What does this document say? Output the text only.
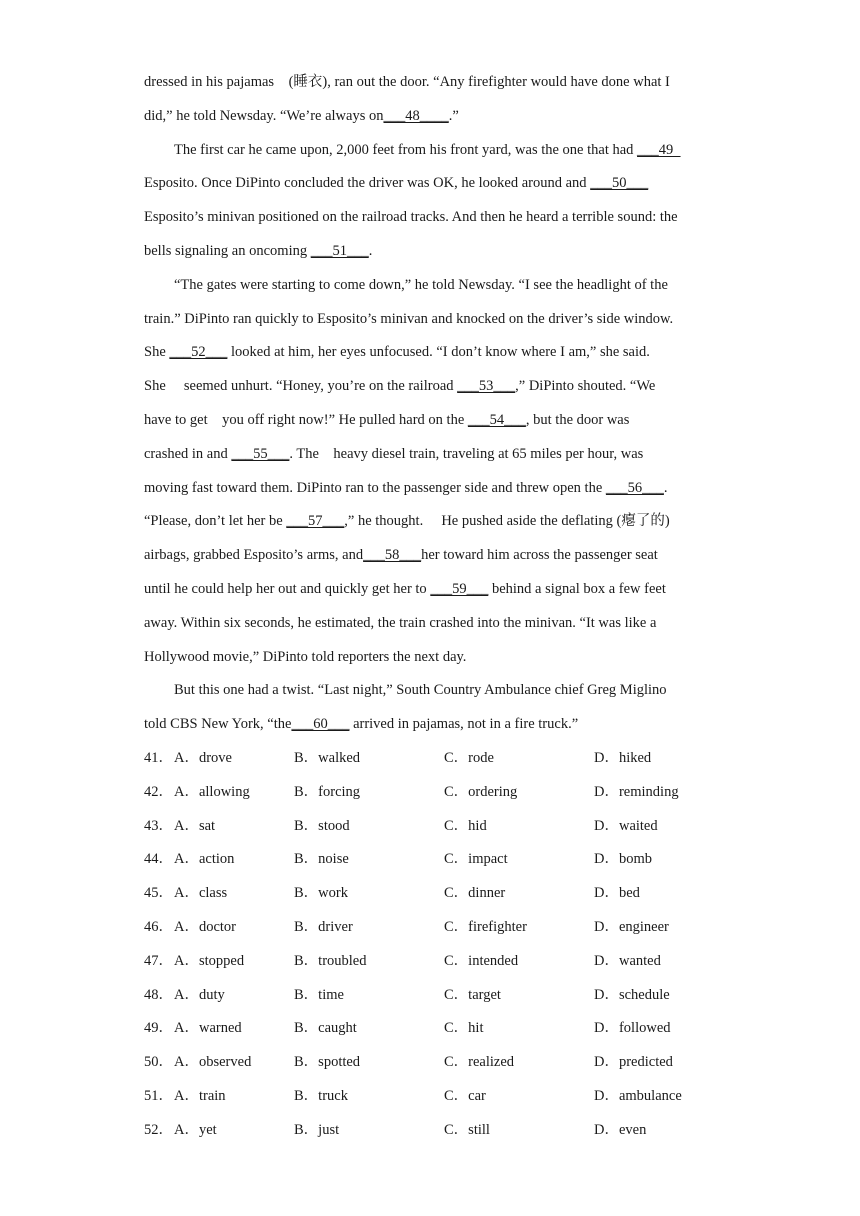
dressed in his pajamas　(睡衣), ran out the door. “Any firefighter would have done what I
did,” he told Newsday. “We’re always on___48____.”
The first car he came upon, 2,000 feet from his front yard, was the one that had ___49
Esposito. Once DiPinto concluded the driver was OK, he looked around and ___50___
Esposito’s minivan positioned on the railroad tracks. And then he heard a terrible sound: the
bells signaling an oncoming ___51___.
“The gates were starting to come down,” he told Newsday. “I see the headlight of the
train.” DiPinto ran quickly to Esposito’s minivan and knocked on the driver’s side window.
She ___52___ looked at him, her eyes unfocused. “I don’t know where I am,” she said.
She　 seemed unhurt. “Honey, you’re on the railroad ___53___,” DiPinto shouted. “We
have to get　you off right now!” He pulled hard on the ___54___, but the door was
crashed in and ___55___. The　heavy diesel train, traveling at 65 miles per hour, was
moving fast toward them. DiPinto ran to the passenger side and threw open the ___56___.
“Please, don’t let her be ___57___,” he thought.　 He pushed aside the deflating (瘪了的)
airbags, grabbed Esposito’s arms, and___58___her toward him across the passenger seat
until he could help her out and quickly get her to ___59___ behind a signal box a few feet
away. Within six seconds, he estimated, the train crashed into the minivan. “It was like a
Hollywood movie,” DiPinto told reporters the next day.
But this one had a twist. “Last night,” South Country Ambulance chief Greg Miglino
told CBS New York, “the___60___ arrived in pajamas, not in a fire truck.”
41． A．drove	B．walked	C．rode	D．hiked
42． A．allowing	B．forcing	C．ordering	D．reminding
43． A．sat	B．stood	C．hid	D．waited
44． A．action	B．noise	C．impact	D．bomb
45． A．class	B．work	C．dinner	D．bed
46． A．doctor	B．driver	C．firefighter	D．engineer
47． A．stopped	B．troubled	C．intended	D．wanted
48． A．duty	B．time	C．target	D．schedule
49． A．warned	B．caught	C．hit	D．followed
50． A．observed	B．spotted	C．realized	D．predicted
51． A．train	B．truck	C．car	D．ambulance
52． A．yet	B．just	C．still	D．even
